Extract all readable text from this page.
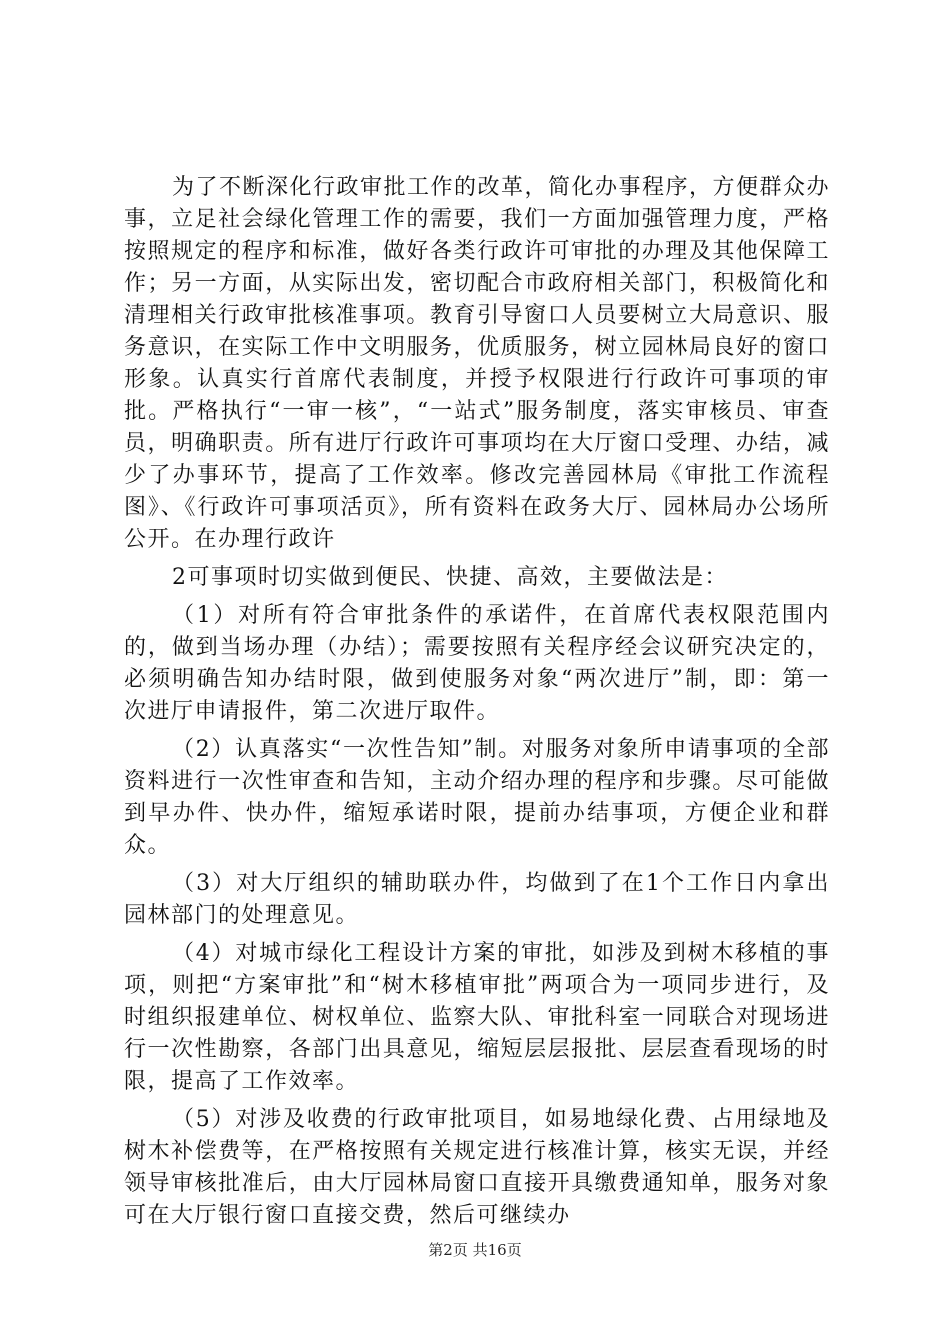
为了不断深化行政审批工作的改革，简化办事程序，方便群众办事，立足社会绿化管理工作的需要，我们一方面加强管理力度，严格按照规定的程序和标准，做好各类行政许可审批的办理及其他保障工作；另一方面，从实际出发，密切配合市政府相关部门，积极简化和清理相关行政审批核准事项。教育引导窗口人员要树立大局意识、服务意识，在实际工作中文明服务，优质服务，树立园林局良好的窗口形象。认真实行首席代表制度，并授予权限进行行政许可事项的审批。严格执行“一审一核”，“一站式”服务制度，落实审核员、审查员，明确职责。所有进厅行政许可事项均在大厅窗口受理、办结，减少了办事环节，提高了工作效率。修改完善园林局《审批工作流程图》、《行政许可事项活页》，所有资料在政务大厅、园林局办公场所公开。在办理行政许

2可事项时切实做到便民、快捷、高效，主要做法是：

（1）对所有符合审批条件的承诺件，在首席代表权限范围内的，做到当场办理（办结）；需要按照有关程序经会议研究决定的，必须明确告知办结时限，做到使服务对象“两次进厅”制，即：第一次进厅申请报件，第二次进厅取件。

（2）认真落实“一次性告知”制。对服务对象所申请事项的全部资料进行一次性审查和告知，主动介绍办理的程序和步骤。尽可能做到早办件、快办件，缩短承诺时限，提前办结事项，方便企业和群众。

（3）对大厅组织的辅助联办件，均做到了在1个工作日内拿出园林部门的处理意见。

（4）对城市绿化工程设计方案的审批，如涉及到树木移植的事项，则把“方案审批”和“树木移植审批”两项合为一项同步进行，及时组织报建单位、树权单位、监察大队、审批科室一同联合对现场进行一次性勘察，各部门出具意见，缩短层层报批、层层查看现场的时限，提高了工作效率。

（5）对涉及收费的行政审批项目，如易地绿化费、占用绿地及树木补偿费等，在严格按照有关规定进行核准计算，核实无误，并经领导审核批准后，由大厅园林局窗口直接开具缴费通知单，服务对象可在大厅银行窗口直接交费，然后可继续办

第2页 共16页
